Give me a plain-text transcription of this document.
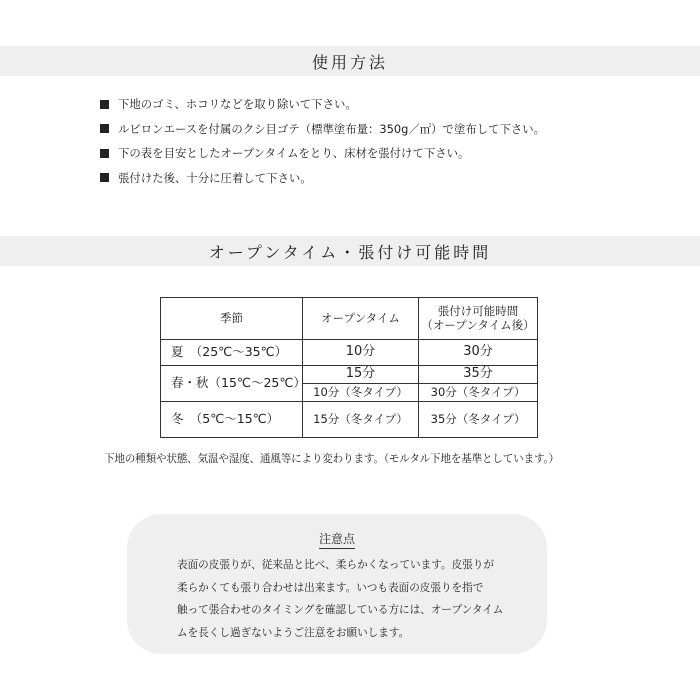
使用方法
下地のゴミ、ホコリなどを取り除いて下さい。
ルビロンエースを付属のクシ目ゴテ（標準塗布量：350g／㎡）で塗布して下さい。
下の表を目安としたオープンタイムをとり、床材を張付けて下さい。
張付けた後、十分に圧着して下さい。
オープンタイム・張付け可能時間
季節	オープンタイム	張付け可能時間
（オープンタイム後）

夏　（25℃～35℃）	10分	30分
春・秋（15℃～25℃）	15分	35分
	10分（冬タイプ）	30分（冬タイプ）
冬　（5℃～15℃）	15分（冬タイプ）	35分（冬タイプ）
下地の種類や状態、気温や湿度、通風等により変わります。（モルタル下地を基準としています。）
注意点
表面の皮張りが、従来品と比べ、柔らかくなっています。皮張りが
柔らかくても張り合わせは出来ます。いつも表面の皮張りを指で
触って張合わせのタイミングを確認している方には、オープンタイム
ムを長くし過ぎないようご注意をお願いします。
